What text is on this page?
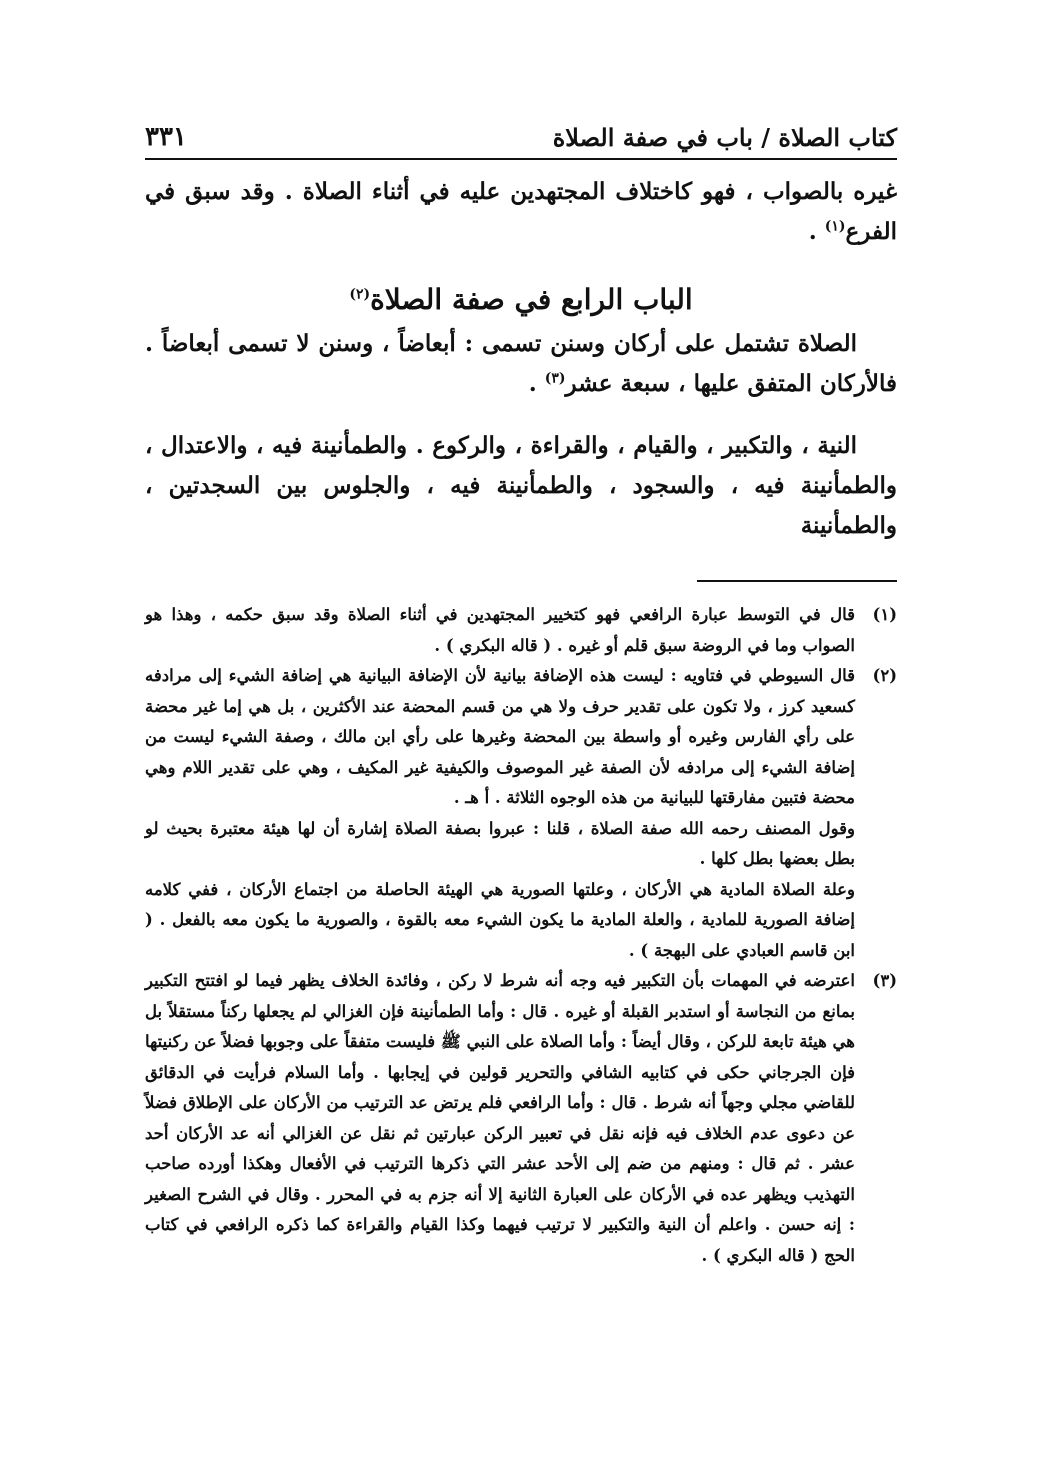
كتاب الصلاة / باب في صفة الصلاة
٣٣١
غيره بالصواب ، فهو كاختلاف المجتهدين عليه في أثناء الصلاة . وقد سبق في الفرع$^{(١)}$ .
الباب الرابع في صفة الصلاة$^{(٢)}$
الصلاة تشتمل على أركان وسنن تسمى : أبعاضاً ، وسنن لا تسمى أبعاضاً . فالأركان المتفق عليها ، سبعة عشر$^{(٣)}$ .
النية ، والتكبير ، والقيام ، والقراءة ، والركوع . والطمأنينة فيه ، والاعتدال ، والطمأنينة فيه ، والسجود ، والطمأنينة فيه ، والجلوس بين السجدتين ، والطمأنينة
(١)
قال في التوسط عبارة الرافعي فهو كتخيير المجتهدين في أثناء الصلاة وقد سبق حكمه ، وهذا هو الصواب وما في الروضة سبق قلم أو غيره . ( قاله البكري ) .
(٢)
قال السيوطي في فتاويه : ليست هذه الإضافة بيانية لأن الإضافة البيانية هي إضافة الشيء إلى مرادفه كسعيد كرز ، ولا تكون على تقدير حرف ولا هي من قسم المحضة عند الأكثرين ، بل هي إما غير محضة على رأي الفارس وغيره أو واسطة بين المحضة وغيرها على رأي ابن مالك ، وصفة الشيء ليست من إضافة الشيء إلى مرادفه لأن الصفة غير الموصوف والكيفية غير المكيف ، وهي على تقدير اللام وهي محضة فتبين مفارقتها للبيانية من هذه الوجوه الثلاثة . أ هـ .
وقول المصنف رحمه الله صفة الصلاة ، قلنا : عبروا بصفة الصلاة إشارة أن لها هيئة معتبرة بحيث لو بطل بعضها بطل كلها .
وعلة الصلاة المادية هي الأركان ، وعلتها الصورية هي الهيئة الحاصلة من اجتماع الأركان ، ففي كلامه إضافة الصورية للمادية ، والعلة المادية ما يكون الشيء معه بالقوة ، والصورية ما يكون معه بالفعل . ( ابن قاسم العبادي على البهجة ) .
(٣)
اعترضه في المهمات بأن التكبير فيه وجه أنه شرط لا ركن ، وفائدة الخلاف يظهر فيما لو افتتح التكبير بمانع من النجاسة أو استدبر القبلة أو غيره . قال : وأما الطمأنينة فإن الغزالي لم يجعلها ركناً مستقلاً بل هي هيئة تابعة للركن ، وقال أيضاً : وأما الصلاة على النبي ﷺ فليست متفقاً على وجوبها فضلاً عن ركنيتها فإن الجرجاني حكى في كتابيه الشافي والتحرير قولين في إيجابها . وأما السلام فرأيت في الدقائق للقاضي مجلي وجهاً أنه شرط . قال : وأما الرافعي فلم يرتض عد الترتيب من الأركان على الإطلاق فضلاً عن دعوى عدم الخلاف فيه فإنه نقل في تعبير الركن عبارتين ثم نقل عن الغزالي أنه عد الأركان أحد عشر . ثم قال : ومنهم من ضم إلى الأحد عشر التي ذكرها الترتيب في الأفعال وهكذا أورده صاحب التهذيب ويظهر عده في الأركان على العبارة الثانية إلا أنه جزم به في المحرر . وقال في الشرح الصغير : إنه حسن . واعلم أن النية والتكبير لا ترتيب فيهما وكذا القيام والقراءة كما ذكره الرافعي في كتاب الحج ( قاله البكري ) .
